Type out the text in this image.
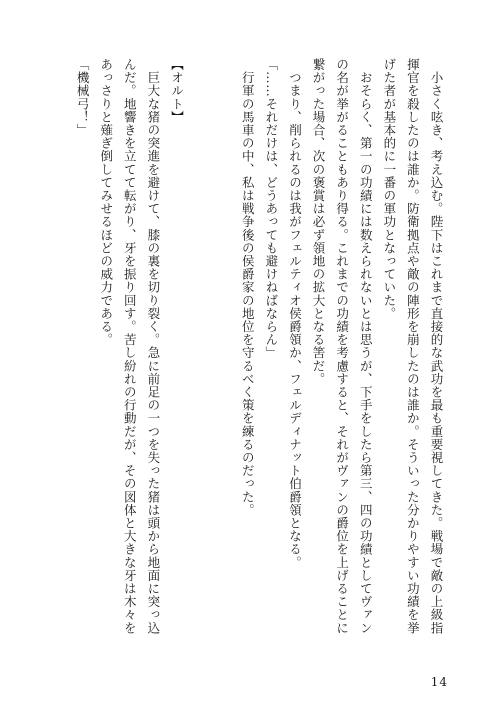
　小さく呟き、考え込む。陛下はこれまで直接的な武功を最も重要視してきた。戦場で敵の上級指
揮官を殺したのは誰か。防衛拠点や敵の陣形を崩したのは誰か。そういった分かりやすい功績を挙
げた者が基本的に一番の軍功となっていた。
　おそらく、第一の功績には数えられないとは思うが、下手をしたら第三、四の功績としてヴァン
の名が挙がることもあり得る。これまでの功績を考慮すると、それがヴァンの爵位を上げることに
繋がった場合、次の褒賞は必ず領地の拡大となる筈だ。
　つまり、削られるのは我がフェルティオ侯爵領か、フェルディナット伯爵領となる。
「……それだけは、どうあっても避けねばならん」
　行軍の馬車の中、私は戦争後の侯爵家の地位を守るべく策を練るのだった。

【オルト】
　巨大な猪の突進を避けて、膝の裏を切り裂く。急に前足の一つを失った猪は頭から地面に突っ込
んだ。地響きを立てて転がり、牙を振り回す。苦し紛れの行動だが、その図体と大きな牙は木々を
あっさりと薙ぎ倒してみせるほどの威力である。
「機械弓！」
14
